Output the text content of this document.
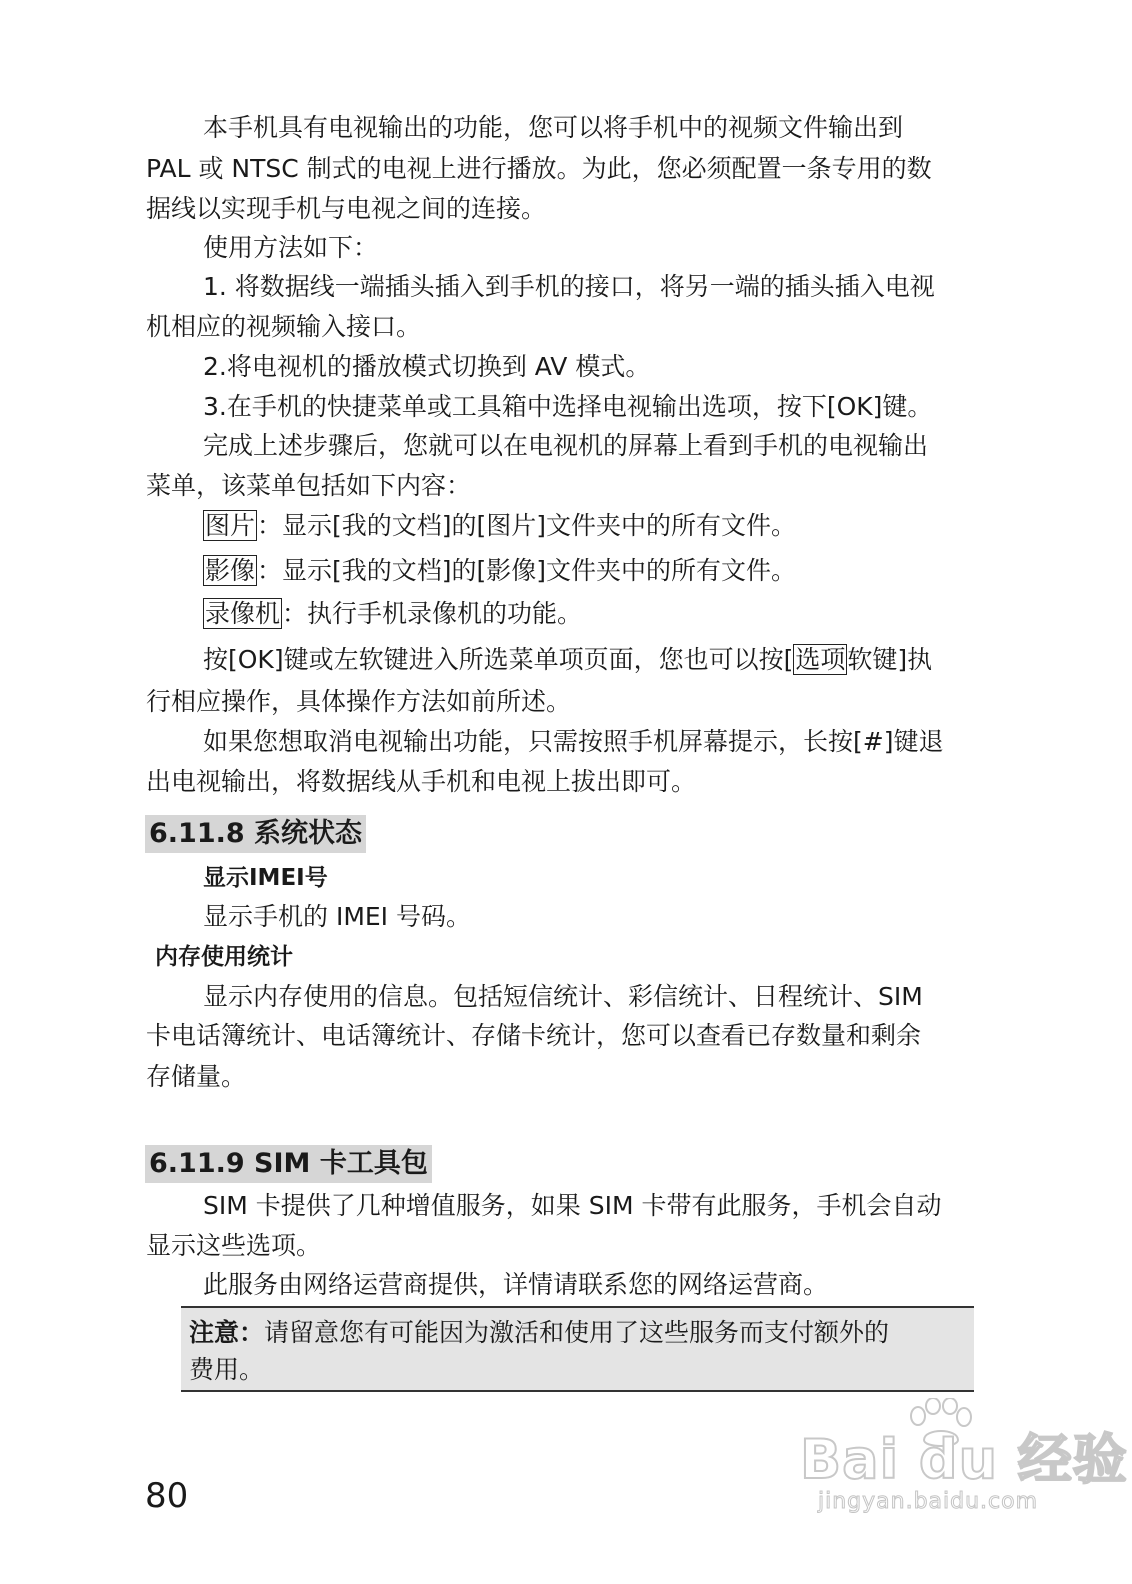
本手机具有电视输出的功能，您可以将手机中的视频文件输出到

PAL 或 NTSC 制式的电视上进行播放。为此，您必须配置一条专用的数

据线以实现手机与电视之间的连接。

使用方法如下：

1. 将数据线一端插头插入到手机的接口，将另一端的插头插入电视

机相应的视频输入接口。

2.将电视机的播放模式切换到 AV 模式。

3.在手机的快捷菜单或工具箱中选择电视输出选项，按下[OK]键。

完成上述步骤后，您就可以在电视机的屏幕上看到手机的电视输出

菜单，该菜单包括如下内容：

图片：显示[我的文档]的[图片]文件夹中的所有文件。

影像：显示[我的文档]的[影像]文件夹中的所有文件。

录像机：执行手机录像机的功能。

按[OK]键或左软键进入所选菜单项页面，您也可以按[选项软键]执

行相应操作，具体操作方法如前所述。

如果您想取消电视输出功能，只需按照手机屏幕提示，长按[#]键退

出电视输出，将数据线从手机和电视上拔出即可。

6.11.8 系统状态
显示IMEI号

显示手机的 IMEI 号码。

内存使用统计

显示内存使用的信息。包括短信统计、彩信统计、日程统计、SIM

卡电话簿统计、电话簿统计、存储卡统计，您可以查看已存数量和剩余

存储量。

6.11.9 SIM 卡工具包

SIM 卡提供了几种增值服务，如果 SIM 卡带有此服务，手机会自动

显示这些选项。

此服务由网络运营商提供，详情请联系您的网络运营商。

注意：请留意您有可能因为激活和使用了这些服务而支付额外的

费用。

80
Bai du 经验
jingyan.baidu.com
